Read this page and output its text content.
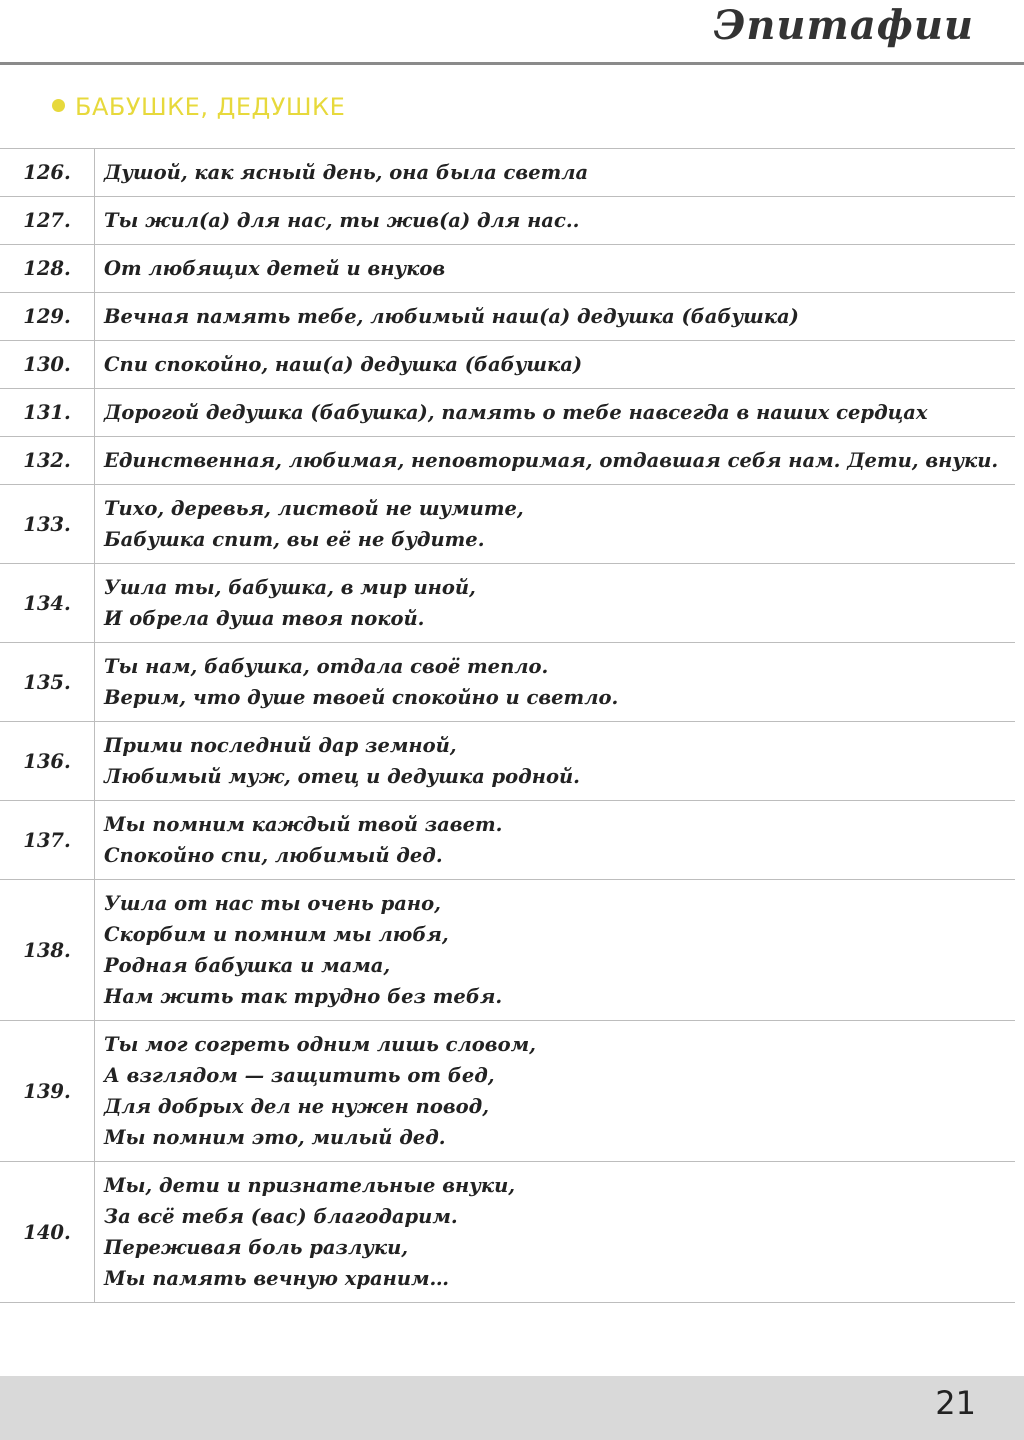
Эпитафии
БАБУШКЕ, ДЕДУШКЕ
126.	Душой, как ясный день, она была светла

127.	Ты жил(а) для нас, ты жив(а) для нас..

128.	От любящих детей и внуков

129.	Вечная память тебе, любимый наш(а) дедушка (бабушка)

130.	Спи спокойно, наш(а) дедушка (бабушка)

131.	Дорогой дедушка (бабушка), память о тебе навсегда в наших сердцах

132.	Единственная, любимая, неповторимая, отдавшая себя нам. Дети, внуки.

133.	Тихо, деревья, листвой не шумите,
Бабушка спит, вы её не будите.

134.	Ушла ты, бабушка, в мир иной,
И обрела душа твоя покой.

135.	Ты нам, бабушка, отдала своё тепло.
Верим, что душе твоей спокойно и светло.

136.	Прими последний дар земной,
Любимый муж, отец и дедушка родной.

137.	Мы помним каждый твой завет.
Спокойно спи, любимый дед.

138.	Ушла от нас ты очень рано,
Скорбим и помним мы любя,
Родная бабушка и мама,
Нам жить так трудно без тебя.

139.	Ты мог согреть одним лишь словом,
А взглядом — защитить от бед,
Для добрых дел не нужен повод,
Мы помним это, милый дед.

140.	Мы, дети и признательные внуки,
За всё тебя (вас) благодарим.
Переживая боль разлуки,
Мы память вечную храним…
21
